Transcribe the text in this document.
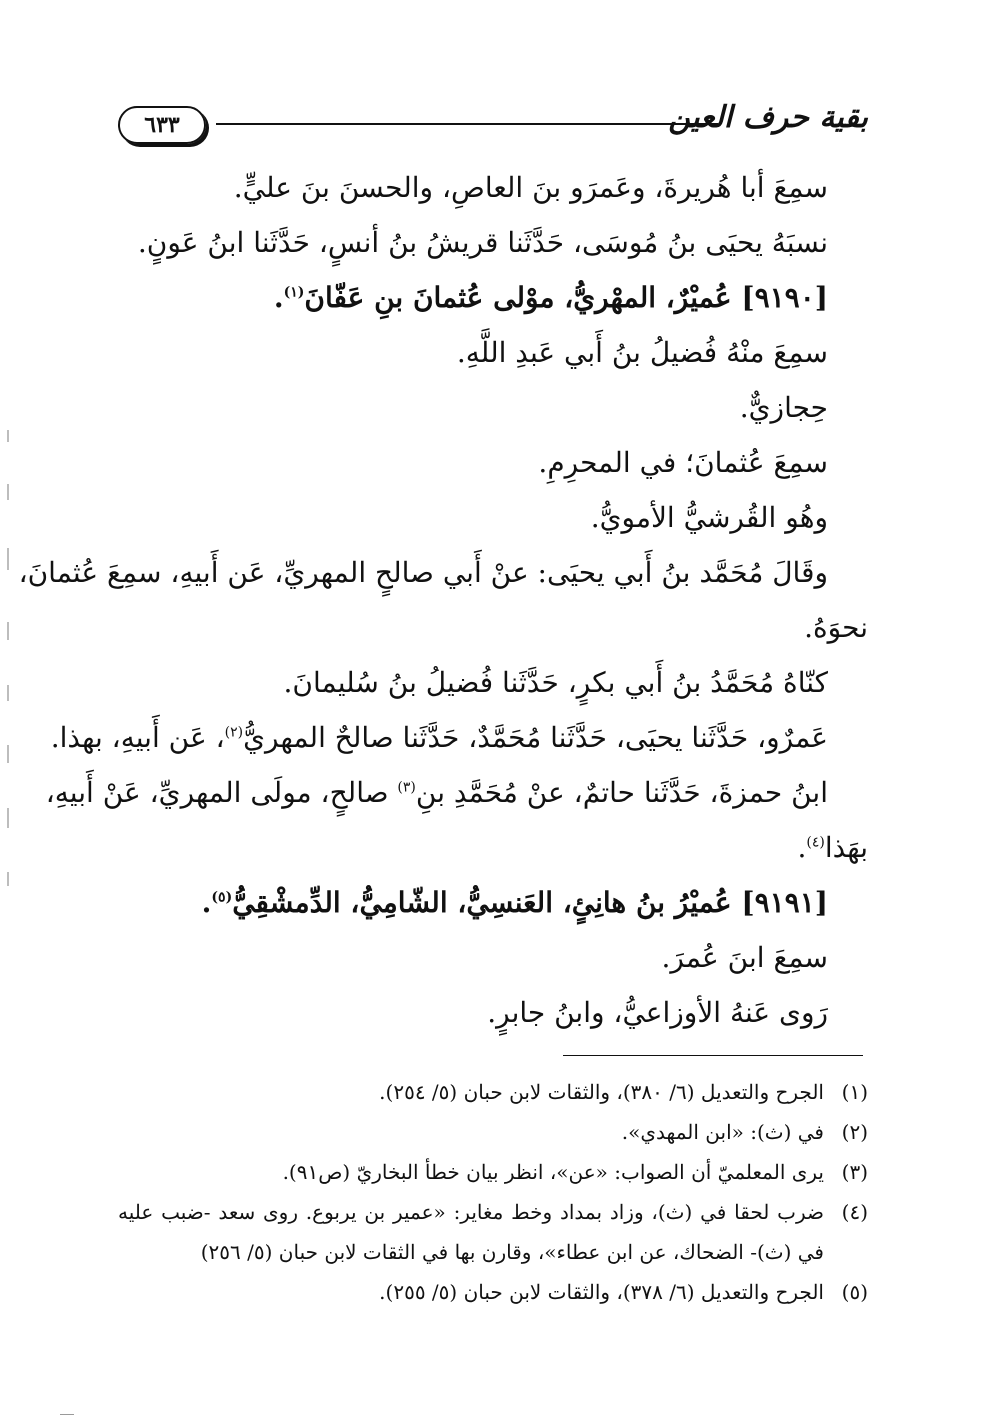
٦٣٣	بقية حرف العين
سمِعَ أبا هُريرةَ، وعَمرَو بنَ العاصِ، والحسنَ بنَ عليٍّ.
نسبَهُ يحيَى بنُ مُوسَى، حَدَّثَنا قريشُ بنُ أنسٍ، حَدَّثَنا ابنُ عَونٍ.
[٩١٩٠] عُميْرٌ، المهْريُّ، موْلى عُثمانَ بنِ عَفّانَ$^{(١)}$.
سمِعَ منْهُ فُضيلُ بنُ أَبي عَبدِ اللَّهِ.
حِجازيٌّ.
سمِعَ عُثمانَ؛ في المحرِمِ.
وهُو القُرشيُّ الأمويُّ.
وقَالَ مُحَمَّد بنُ أَبي يحيَى: عنْ أَبي صالحٍ المهريِّ، عَن أَبيهِ، سمِعَ عُثمانَ،
نحوَهُ.
كنّاهُ مُحَمَّدُ بنُ أَبي بكرٍ، حَدَّثَنا فُضيلُ بنُ سُليمانَ.
عَمرٌو، حَدَّثَنا يحيَى، حَدَّثَنا مُحَمَّدٌ، حَدَّثَنا صالحٌ المهريُّ$^{(٢)}$، عَن أَبيهِ، بهذا.
ابنُ حمزةَ، حَدَّثَنا حاتمٌ، عنْ مُحَمَّدِ بنِ$^{(٣)}$ صالحٍ، مولَى المهريِّ، عَنْ أَبيهِ،
بهَذا$^{(٤)}$.
[٩١٩١] عُميْرُ بنُ هانِئٍ، العَنسِيُّ، الشّامِيُّ، الدِّمشْقِيُّ$^{(٥)}$.
سمِعَ ابنَ عُمرَ.
رَوى عَنهُ الأوزاعيُّ، وابنُ جابرٍ.
(١)
الجرح والتعديل (٦/ ٣٨٠)، والثقات لابن حبان (٥/ ٢٥٤).
(٢)
في (ث): «ابن المهدي».
(٣)
يرى المعلميّ أن الصواب: «عن»، انظر بيان خطأ البخاريّ (ص٩١).
(٤)
ضرب لحقا في (ث)، وزاد بمداد وخط مغاير: «عمير بن يربوع. روى سعد -ضبب عليه
في (ث)- الضحاك، عن ابن عطاء»، وقارن بها في الثقات لابن حبان (٥/ ٢٥٦)
(٥)
الجرح والتعديل (٦/ ٣٧٨)، والثقات لابن حبان (٥/ ٢٥٥).
